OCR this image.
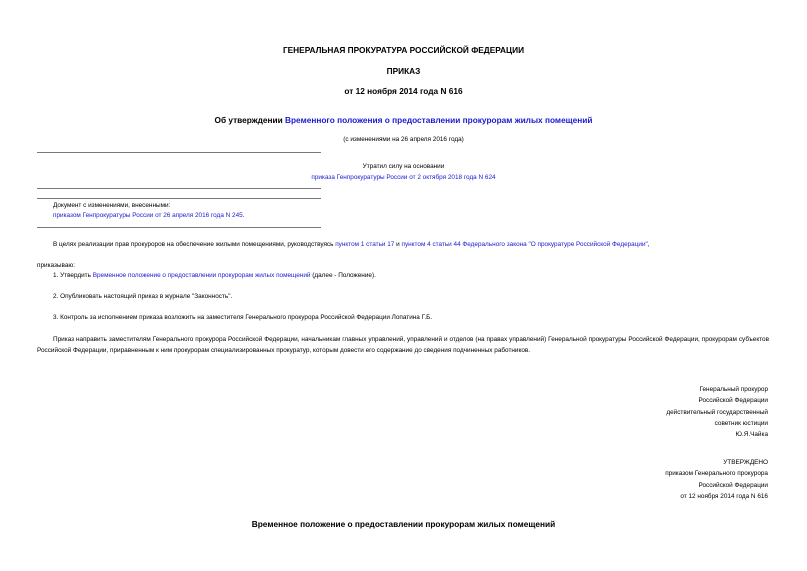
ГЕНЕРАЛЬНАЯ ПРОКУРАТУРА РОССИЙСКОЙ ФЕДЕРАЦИИ
ПРИКАЗ
от 12 ноября 2014 года N 616
Об утверждении Временного положения о предоставлении прокурорам жилых помещений
(с изменениями на 26 апреля 2016 года)
Утратил силу на основании
приказа Генпрокуратуры России от 2 октября 2018 года N 624
Документ с изменениями, внесенными:
приказом Генпрокуратуры России от 26 апреля 2016 года N 245.
В целях реализации прав прокуроров на обеспечение жилыми помещениями, руководствуясь пунктом 1 статьи 17 и пунктом 4 статьи 44 Федерального закона "О прокуратуре Российской Федерации",
приказываю:
1. Утвердить Временное положение о предоставлении прокурорам жилых помещений (далее - Положение).
2. Опубликовать настоящий приказ в журнале "Законность".
3. Контроль за исполнением приказа возложить на заместителя Генерального прокурора Российской Федерации Лопатина Г.Б.
Приказ направить заместителям Генерального прокурора Российской Федерации, начальникам главных управлений, управлений и отделов (на правах управлений) Генеральной прокуратуры Российской Федерации, прокурорам субъектов Российской Федерации, приравненным к ним прокурорам специализированных прокуратур, которым довести его содержание до сведения подчиненных работников.
Генеральный прокурор
Российской Федерации
действительный государственный
советник юстиции
Ю.Я.Чайка
УТВЕРЖДЕНО
приказом Генерального прокурора
Российской Федерации
от 12 ноября 2014 года N 616
Временное положение о предоставлении прокурорам жилых помещений
